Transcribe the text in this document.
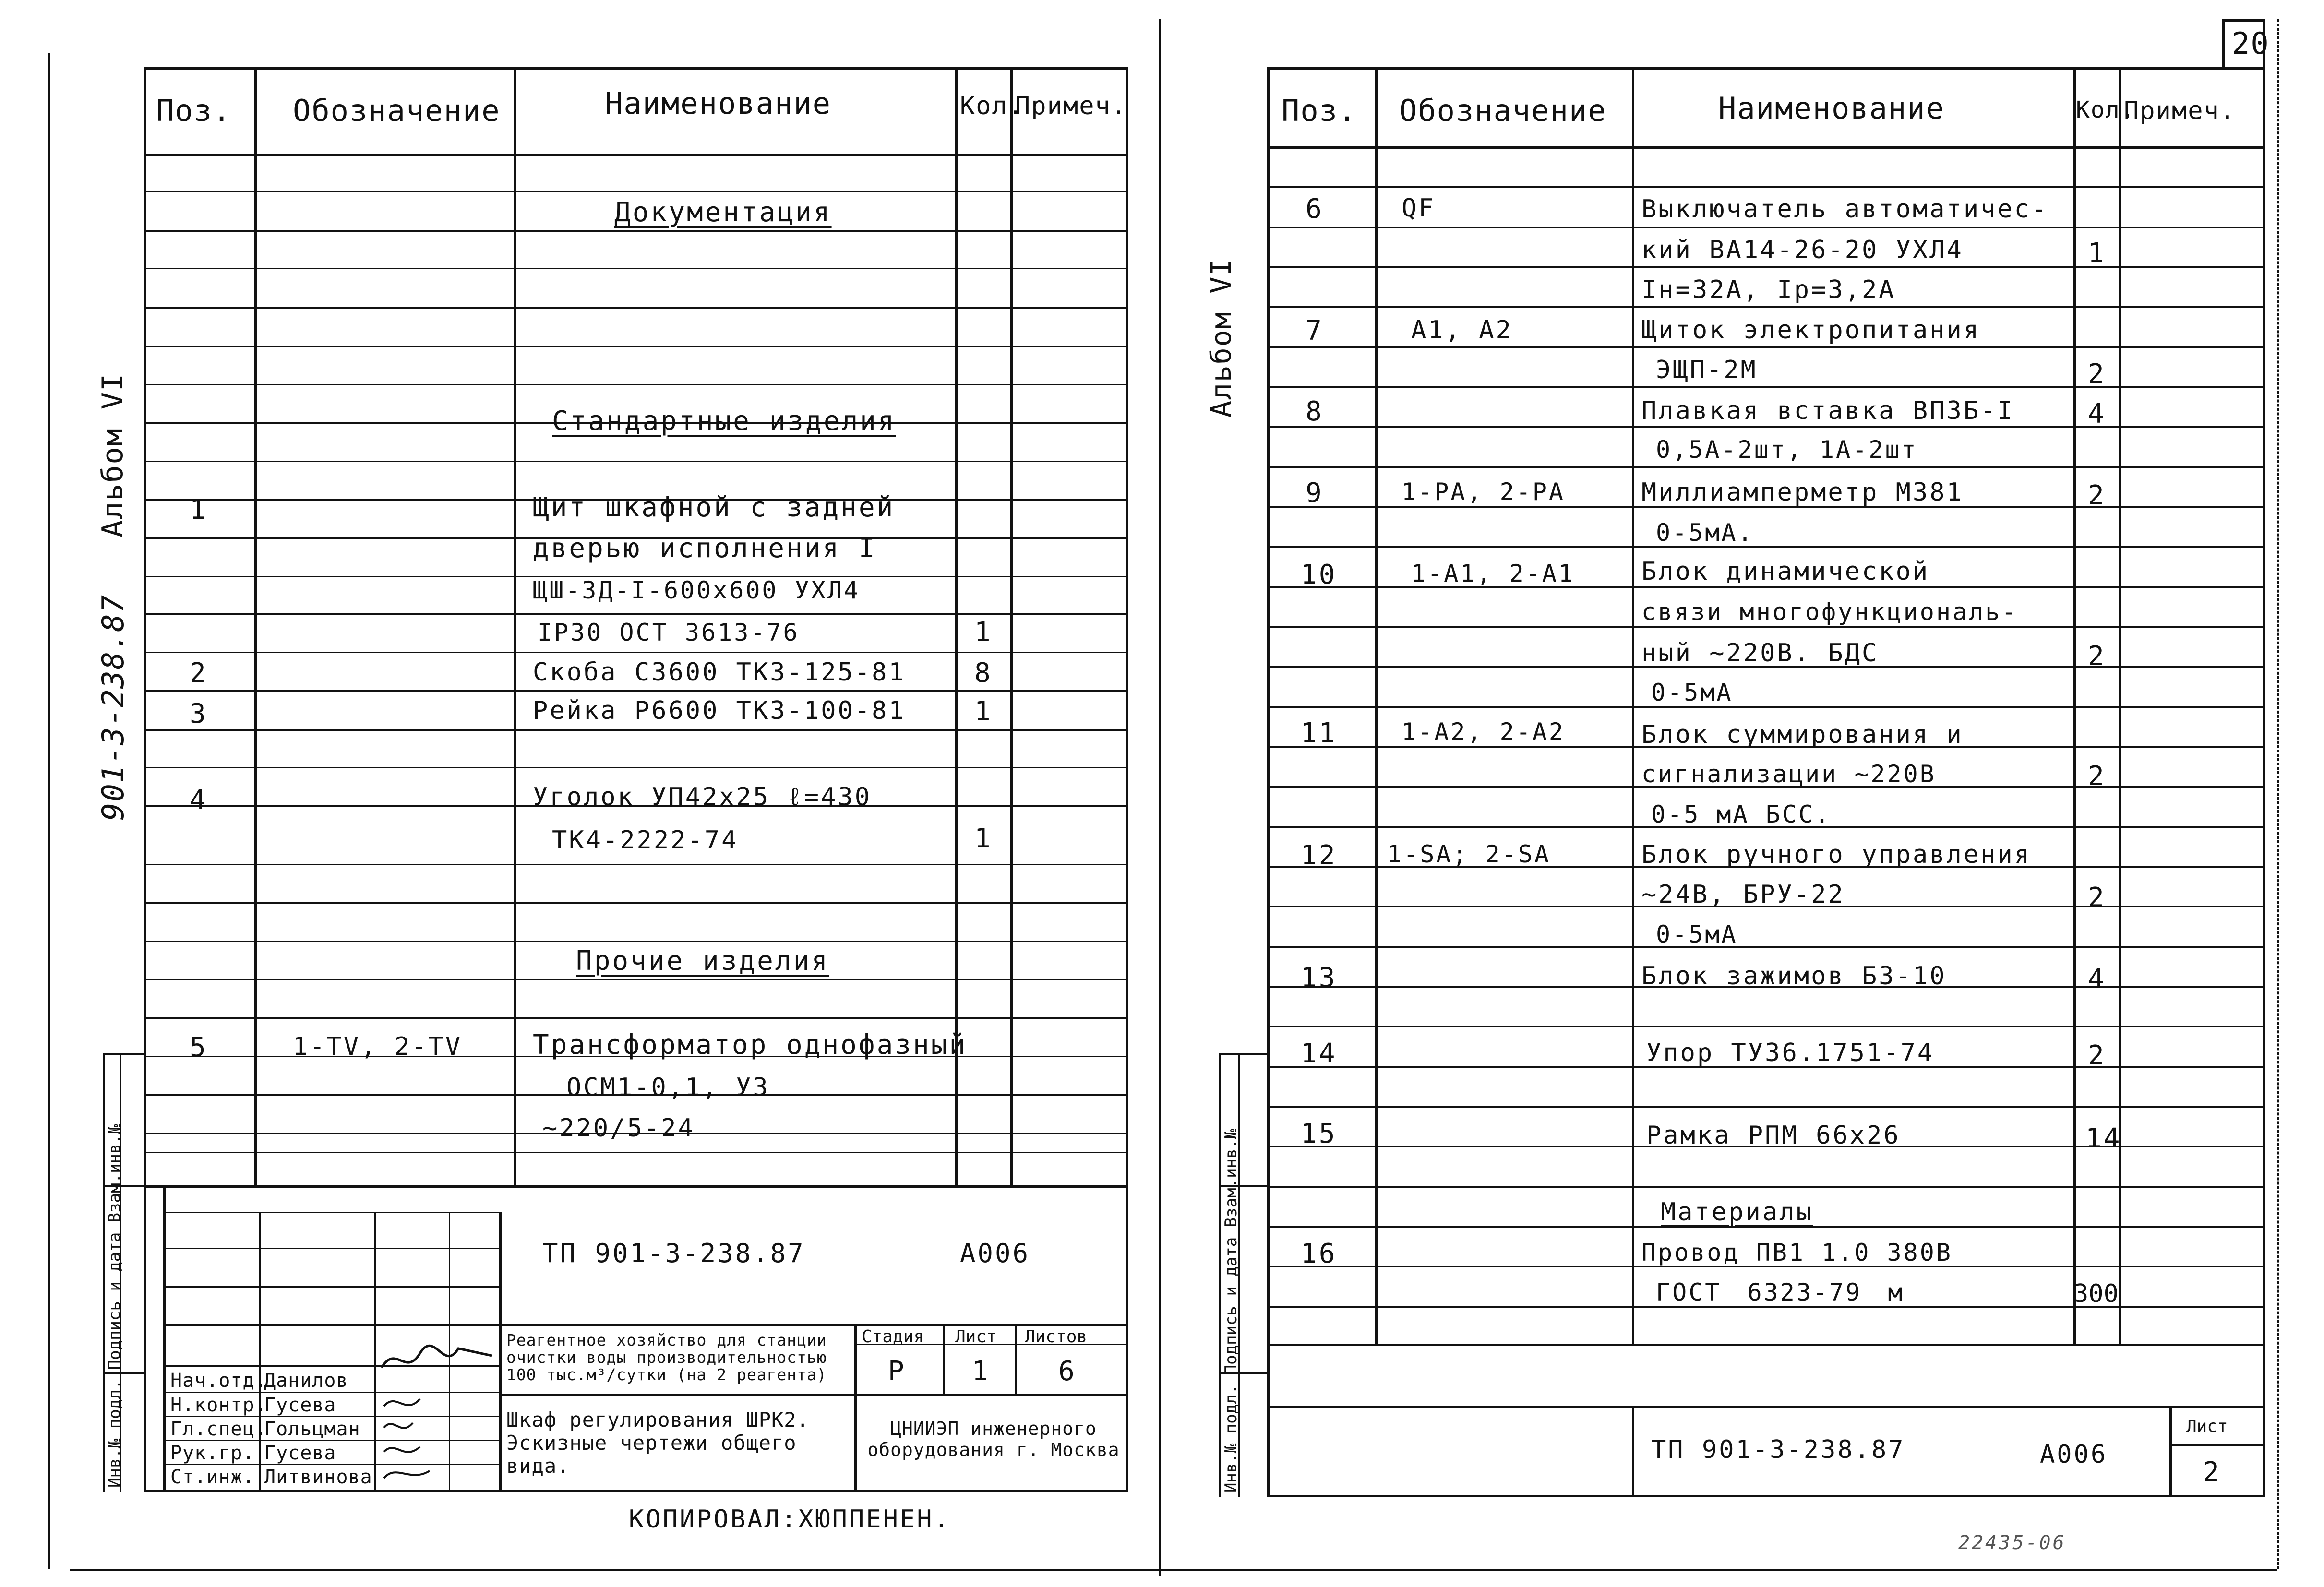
Поз. Обозначение	Наименование	Кол.
Примеч.
Документация
Стандартные изделия
1	Щит шкафной с задней
дверью исполнения I
ЩШ-3Д-I-600x600 УХЛ4
IP30 ОСТ 3613-76	1
2	Скоба С3600 ТК3-125-81	8
3	Рейка Р6600 ТК3-100-81	1
4	Уголок УП42x25 ℓ=430
ТК4-2222-74	1
Прочие изделия
5	1-TV, 2-TV	Трансформатор однофазный
ОСМ1-0,1, У3
~220/5-24
ТП 901-3-238.87	А006
Реагентное хозяйство для станции очистки воды производительностью 100 тыс.м³/сутки (на 2 реагента)
Шкаф регулирования ШРК2. Эскизные чертежи общего вида.
Стадия Лист Листов
Р 1	6
ЦНИИЭП инженерного оборудования г. Москва
Нач.отд.
Данилов
Н.контр.
Гусева
Гл.спец.
Гольцман
Рук.гр. Гусева
Ст.инж. Литвинова
Инв.№ подл. Подпись и дата Взам.инв.№
Альбом VI
901-3-238.87
КОПИРОВАЛ:ХЮППЕНЕН.
20
Поз. Обозначение	Наименование	Кол.
Примеч.
6	QF	Выключатель автоматичес-
кий ВА14-26-20 УХЛ4	1
Iн=32А, Iр=3,2А
7	А1, А2	Щиток электропитания
ЭЩП-2М	2
8	Плавкая вставка ВП3Б-I	4
0,5А-2шт, 1А-2шт
9	1-PA, 2-PA	Миллиамперметр М381	2
0-5мА.
10	1-A1, 2-A1	Блок динамической
связи многофункциональ-
ный ~220В. БДС	2
0-5мА
11	1-A2, 2-A2	Блок суммирования и
сигнализации ~220В	2
0-5 мА БСС.
12 1-SA; 2-SA	Блок ручного управления
~24В, БРУ-22	2
0-5мА
13	Блок зажимов Б3-10	4
14	Упор ТУ36.1751-74	2
15	Рамка РПМ 66x26	14
Материалы
16	Провод ПВ1 1.0 380В
ГОСТ 6323-79 м	300
ТП 901-3-238.87	А006
Лист
2
Инв.№ подл. Подпись и дата Взам.инв.№
Альбом VI
22435-06
